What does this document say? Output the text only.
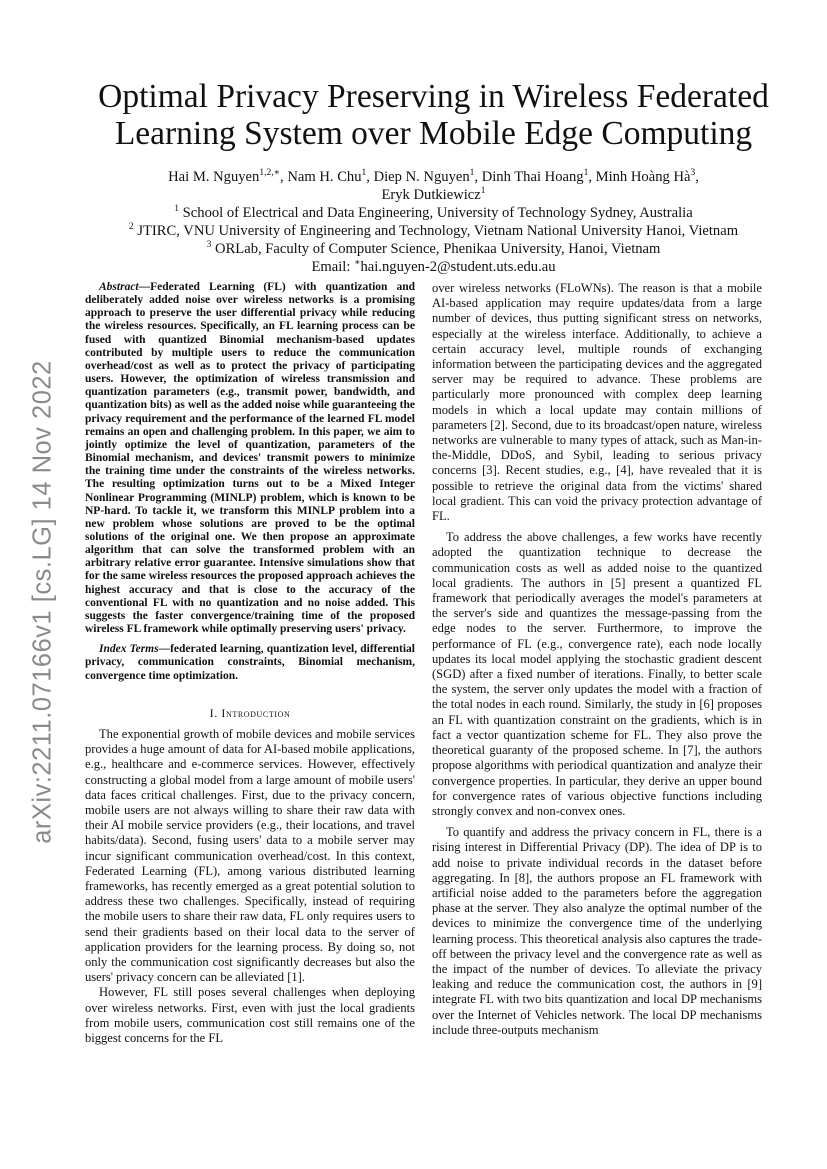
arXiv:2211.07166v1 [cs.LG] 14 Nov 2022
Optimal Privacy Preserving in Wireless Federated
Learning System over Mobile Edge Computing

Hai M. Nguyen$^{1,2,∗}$, Nam H. Chu$^1$, Diep N. Nguyen$^1$, Dinh Thai Hoang$^1$, Minh Hoàng $Hà^3$,

Eryk Dutkiewicz$^1$

$^1$ School of Electrical and Data Engineering, University of Technology Sydney, Australia

$^2$ JTIRC, VNU University of Engineering and Technology, Vietnam National University Hanoi, Vietnam

$^3$ ORLab, Faculty of Computer Science, Phenikaa University, Hanoi, Vietnam

Email: ∗hai.nguyen-2@student.uts.edu.au

Abstract—Federated Learning (FL) with quantization and deliberately added noise over wireless networks is a promising approach to preserve the user differential privacy while reducing the wireless resources. Specifically, an FL learning process can be fused with quantized Binomial mechanism-based updates contributed by multiple users to reduce the communication overhead/cost as well as to protect the privacy of participating users. However, the optimization of wireless transmission and quantization parameters (e.g., transmit power, bandwidth, and quantization bits) as well as the added noise while guaranteeing the privacy requirement and the performance of the learned FL model remains an open and challenging problem. In this paper, we aim to jointly optimize the level of quantization, parameters of the Binomial mechanism, and devices' transmit powers to minimize the training time under the constraints of the wireless networks. The resulting optimization turns out to be a Mixed Integer Nonlinear Programming (MINLP) problem, which is known to be NP-hard. To tackle it, we transform this MINLP problem into a new problem whose solutions are proved to be the optimal solutions of the original one. We then propose an approximate algorithm that can solve the transformed problem with an arbitrary relative error guarantee. Intensive simulations show that for the same wireless resources the proposed approach achieves the highest accuracy and that is close to the accuracy of the conventional FL with no quantization and no noise added. This suggests the faster convergence/training time of the proposed wireless FL framework while optimally preserving users' privacy.

Index Terms—federated learning, quantization level, differential privacy, communication constraints, Binomial mechanism, convergence time optimization.

I. Introduction

The exponential growth of mobile devices and mobile services provides a huge amount of data for AI-based mobile applications, e.g., healthcare and e-commerce services. However, effectively constructing a global model from a large amount of mobile users' data faces critical challenges. First, due to the privacy concern, mobile users are not always willing to share their raw data with their AI mobile service providers (e.g., their locations, and travel habits/data). Second, fusing users' data to a mobile server may incur significant communication overhead/cost. In this context, Federated Learning (FL), among various distributed learning frameworks, has recently emerged as a great potential solution to address these two challenges. Specifically, instead of requiring the mobile users to share their raw data, FL only requires users to send their gradients based on their local data to the server of application providers for the learning process. By doing so, not only the communication cost significantly decreases but also the users' privacy concern can be alleviated [1].

However, FL still poses several challenges when deploying over wireless networks. First, even with just the local gradients from mobile users, communication cost still remains one of the biggest concerns for the FL

over wireless networks (FLoWNs). The reason is that a mobile AI-based application may require updates/data from a large number of devices, thus putting significant stress on networks, especially at the wireless interface. Additionally, to achieve a certain accuracy level, multiple rounds of exchanging information between the participating devices and the aggregated server may be required to advance. These problems are particularly more pronounced with complex deep learning models in which a local update may contain millions of parameters [2]. Second, due to its broadcast/open nature, wireless networks are vulnerable to many types of attack, such as Man-in-the-Middle, DDoS, and Sybil, leading to serious privacy concerns [3]. Recent studies, e.g., [4], have revealed that it is possible to retrieve the original data from the victims' shared local gradient. This can void the privacy protection advantage of FL.

To address the above challenges, a few works have recently adopted the quantization technique to decrease the communication costs as well as added noise to the quantized local gradients. The authors in [5] present a quantized FL framework that periodically averages the model's parameters at the server's side and quantizes the message-passing from the edge nodes to the server. Furthermore, to improve the performance of FL (e.g., convergence rate), each node locally updates its local model applying the stochastic gradient descent (SGD) after a fixed number of iterations. Finally, to better scale the system, the server only updates the model with a fraction of the total nodes in each round. Similarly, the study in [6] proposes an FL with quantization constraint on the gradients, which is in fact a vector quantization scheme for FL. They also prove the theoretical guaranty of the proposed scheme. In [7], the authors propose algorithms with periodical quantization and analyze their convergence properties. In particular, they derive an upper bound for convergence rates of various objective functions including strongly convex and non-convex ones.

To quantify and address the privacy concern in FL, there is a rising interest in Differential Privacy (DP). The idea of DP is to add noise to private individual records in the dataset before aggregating. In [8], the authors propose an FL framework with artificial noise added to the parameters before the aggregation phase at the server. They also analyze the optimal number of the devices to minimize the convergence time of the underlying learning process. This theoretical analysis also captures the trade-off between the privacy level and the convergence rate as well as the impact of the number of devices. To alleviate the privacy leaking and reduce the communication cost, the authors in [9] integrate FL with two bits quantization and local DP mechanisms over the Internet of Vehicles network. The local DP mechanisms include three-outputs mechanism
